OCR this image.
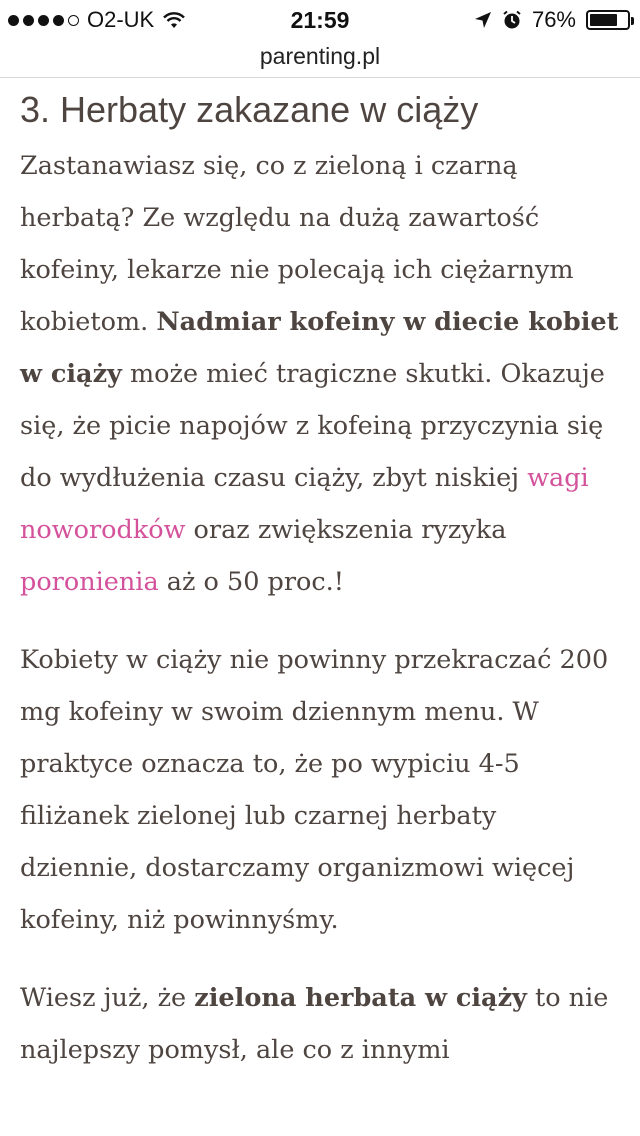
O2-UK	21:59	76%
parenting.pl
3. Herbaty zakazane w ciąży

Zastanawiasz się, co z zieloną i czarną herbatą? Ze względu na dużą zawartość kofeiny, lekarze nie polecają ich ciężarnym kobietom. Nadmiar kofeiny w diecie kobiet w ciąży może mieć tragiczne skutki. Okazuje się, że picie napojów z kofeiną przyczynia się do wydłużenia czasu ciąży, zbyt niskiej wagi noworodków oraz zwiększenia ryzyka poronienia aż o 50 proc.!

Kobiety w ciąży nie powinny przekraczać 200 mg kofeiny w swoim dziennym menu. W praktyce oznacza to, że po wypiciu 4-5 filiżanek zielonej lub czarnej herbaty dziennie, dostarczamy organizmowi więcej kofeiny, niż powinnyśmy.

Wiesz już, że zielona herbata w ciąży to nie najlepszy pomysł, ale co z innymi
